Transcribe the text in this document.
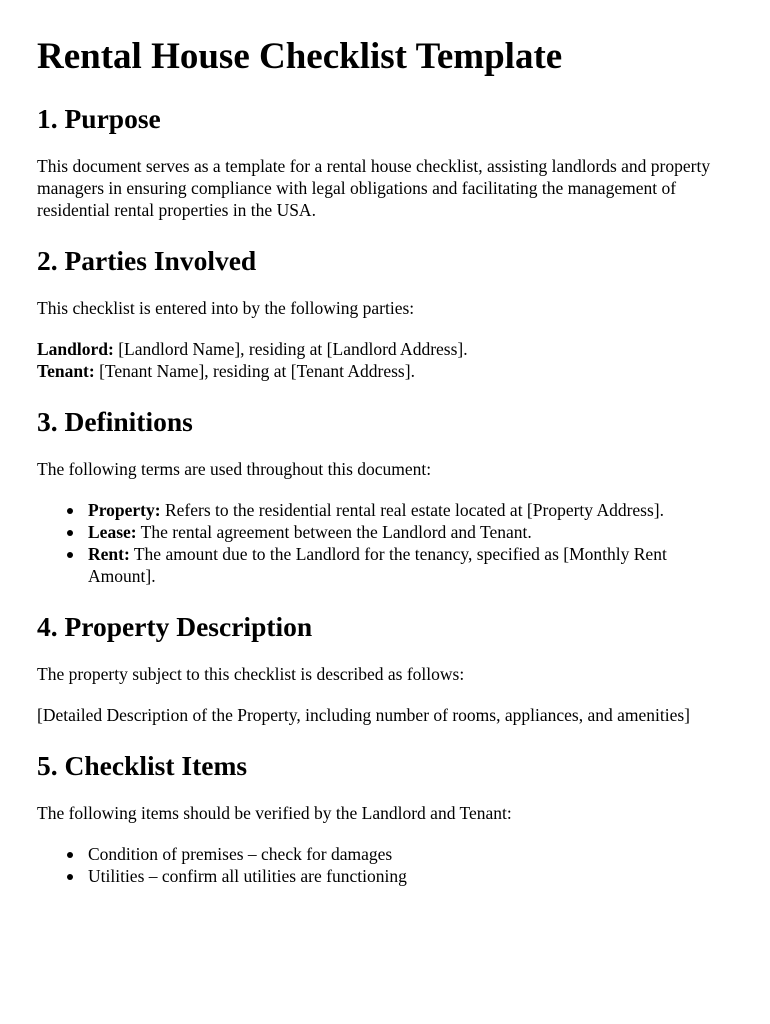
Rental House Checklist Template
1. Purpose

This document serves as a template for a rental house checklist, assisting landlords and property managers in ensuring compliance with legal obligations and facilitating the management of residential rental properties in the USA.

2. Parties Involved

This checklist is entered into by the following parties:

Landlord: [Landlord Name], residing at [Landlord Address].
Tenant: [Tenant Name], residing at [Tenant Address].

3. Definitions

The following terms are used throughout this document:

Property: Refers to the residential rental real estate located at [Property Address].
Lease: The rental agreement between the Landlord and Tenant.
Rent: The amount due to the Landlord for the tenancy, specified as [Monthly Rent Amount].
4. Property Description

The property subject to this checklist is described as follows:

[Detailed Description of the Property, including number of rooms, appliances, and amenities]

5. Checklist Items

The following items should be verified by the Landlord and Tenant:

Condition of premises – check for damages
Utilities – confirm all utilities are functioning
